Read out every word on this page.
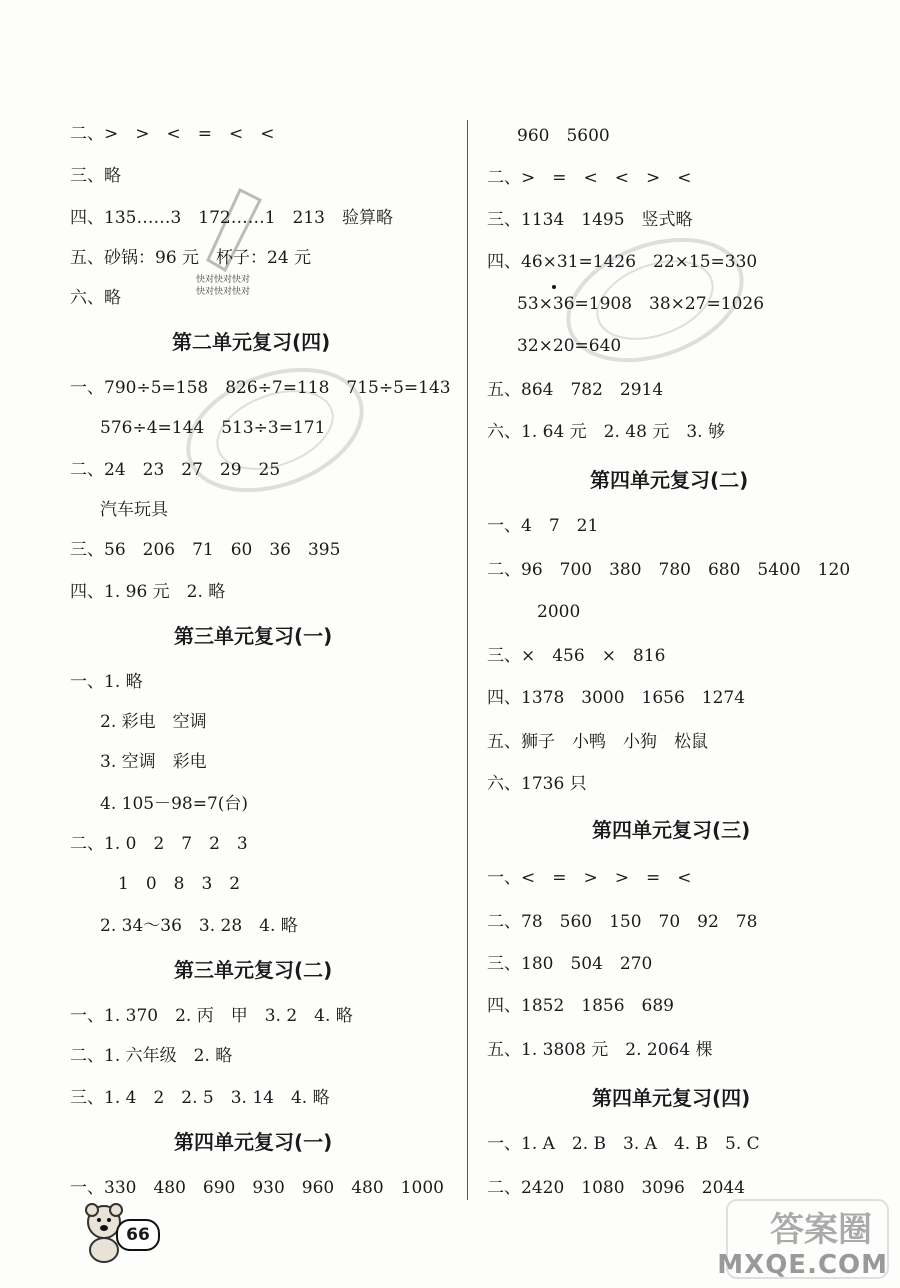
快对快对快对
快对快对快对
二、>　>　<　=　<　<
三、略
四、135……3　172……1　213　验算略
五、砂锅：96 元　杯子：24 元
六、略
第二单元复习(四)
一、790÷5=158　826÷7=118　715÷5=143
576÷4=144　513÷3=171
二、24　23　27　29　25
汽车玩具
三、56　206　71　60　36　395
四、1. 96 元　2. 略
第三单元复习(一)
一、1. 略
2. 彩电　空调
3. 空调　彩电
4. 105－98=7(台)
二、1. 0　2　7　2　3
1　0　8　3　2
2. 34～36　3. 28　4. 略
第三单元复习(二)
一、1. 370　2. 丙　甲　3. 2　4. 略
二、1. 六年级　2. 略
三、1. 4　2　2. 5　3. 14　4. 略
第四单元复习(一)
一、330　480　690　930　960　480　1000
960　5600
二、>　=　<　<　>　<
三、1134　1495　竖式略
四、46×31=1426　22×15=330
53×36=1908　38×27=1026
32×20=640
五、864　782　2914
六、1. 64 元　2. 48 元　3. 够
第四单元复习(二)
一、4　7　21
二、96　700　380　780　680　5400　120
2000
三、×　456　×　816
四、1378　3000　1656　1274
五、狮子　小鸭　小狗　松鼠
六、1736 只
第四单元复习(三)
一、<　=　>　>　=　<
二、78　560　150　70　92　78
三、180　504　270
四、1852　1856　689
五、1. 3808 元　2. 2064 棵
第四单元复习(四)
一、1. A　2. B　3. A　4. B　5. C
二、2420　1080　3096　2044
66	答案圈
MXQE.COM
